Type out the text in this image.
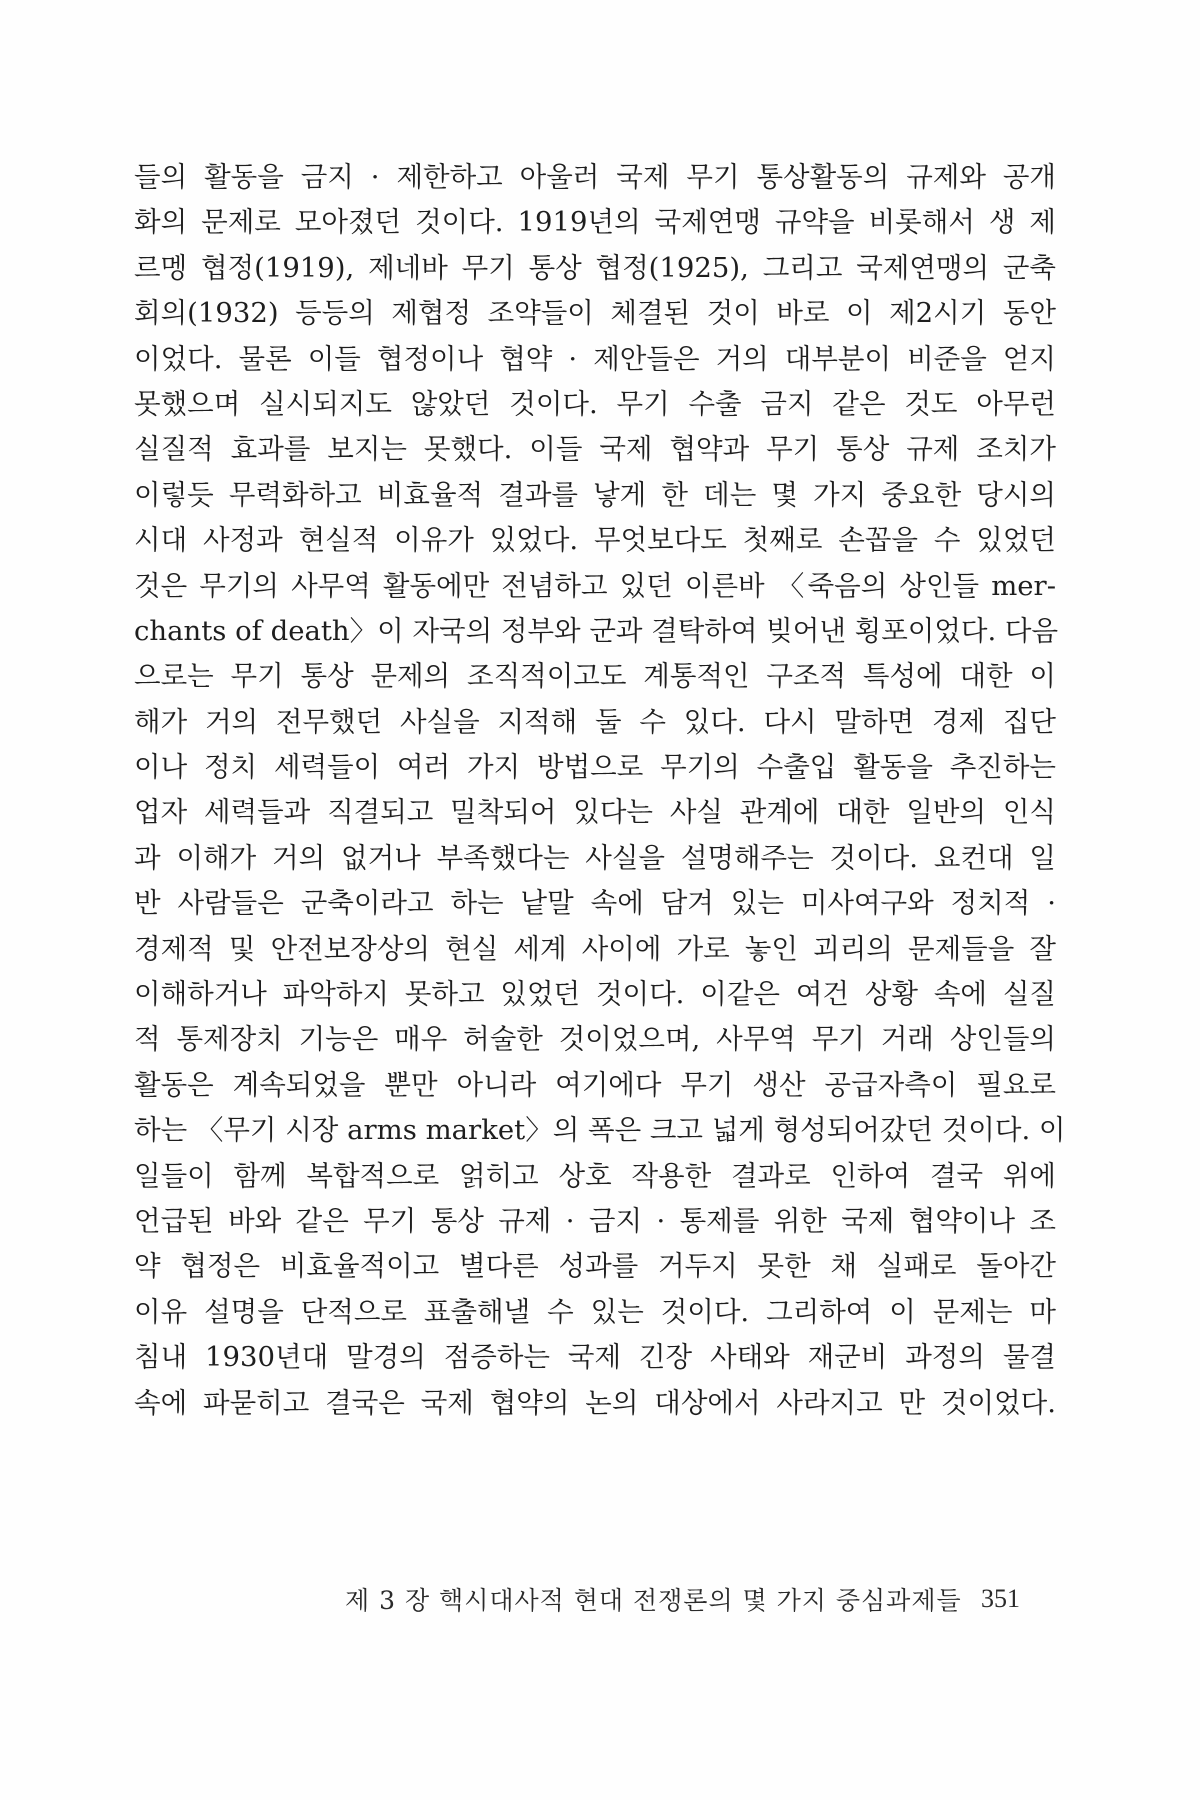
들의 활동을 금지 · 제한하고 아울러 국제 무기 통상활동의 규제와 공개
화의 문제로 모아졌던 것이다. 1919년의 국제연맹 규약을 비롯해서 생 제
르멩 협정(1919), 제네바 무기 통상 협정(1925), 그리고 국제연맹의 군축
회의(1932) 등등의 제협정 조약들이 체결된 것이 바로 이 제2시기 동안
이었다. 물론 이들 협정이나 협약 · 제안들은 거의 대부분이 비준을 얻지
못했으며 실시되지도 않았던 것이다. 무기 수출 금지 같은 것도 아무런
실질적 효과를 보지는 못했다. 이들 국제 협약과 무기 통상 규제 조치가
이렇듯 무력화하고 비효율적 결과를 낳게 한 데는 몇 가지 중요한 당시의
시대 사정과 현실적 이유가 있었다. 무엇보다도 첫째로 손꼽을 수 있었던
것은 무기의 사무역 활동에만 전념하고 있던 이른바 〈죽음의 상인들 mer-
chants of death〉이 자국의 정부와 군과 결탁하여 빚어낸 횡포이었다. 다음
으로는 무기 통상 문제의 조직적이고도 계통적인 구조적 특성에 대한 이
해가 거의 전무했던 사실을 지적해 둘 수 있다. 다시 말하면 경제 집단
이나 정치 세력들이 여러 가지 방법으로 무기의 수출입 활동을 추진하는
업자 세력들과 직결되고 밀착되어 있다는 사실 관계에 대한 일반의 인식
과 이해가 거의 없거나 부족했다는 사실을 설명해주는 것이다. 요컨대 일
반 사람들은 군축이라고 하는 낱말 속에 담겨 있는 미사여구와 정치적 ·
경제적 및 안전보장상의 현실 세계 사이에 가로 놓인 괴리의 문제들을 잘
이해하거나 파악하지 못하고 있었던 것이다. 이같은 여건 상황 속에 실질
적 통제장치 기능은 매우 허술한 것이었으며, 사무역 무기 거래 상인들의
활동은 계속되었을 뿐만 아니라 여기에다 무기 생산 공급자측이 필요로
하는 〈무기 시장 arms market〉의 폭은 크고 넓게 형성되어갔던 것이다. 이
일들이 함께 복합적으로 얽히고 상호 작용한 결과로 인하여 결국 위에
언급된 바와 같은 무기 통상 규제 · 금지 · 통제를 위한 국제 협약이나 조
약 협정은 비효율적이고 별다른 성과를 거두지 못한 채 실패로 돌아간
이유 설명을 단적으로 표출해낼 수 있는 것이다. 그리하여 이 문제는 마
침내 1930년대 말경의 점증하는 국제 긴장 사태와 재군비 과정의 물결
속에 파묻히고 결국은 국제 협약의 논의 대상에서 사라지고 만 것이었다.
제 3 장 핵시대사적 현대 전쟁론의 몇 가지 중심과제들 351
